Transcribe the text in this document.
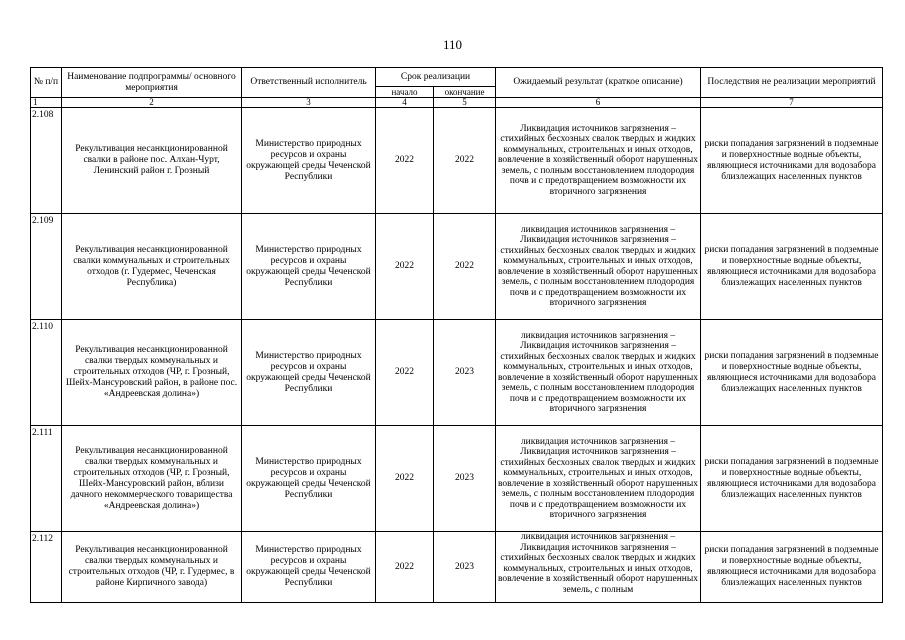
110
№ п/п	Наименование подпрограммы/ основного мероприятия	Ответственный исполнитель	Срок реализации		Ожидаемый результат (краткое описание)	Последствия не реализации мероприятий
			начало	окончание		
1	2	3	4	5	6	7
2.108	Рекультивация несанкционированной свалки в районе пос. Алхан-Чурт, Ленинский район г. Грозный	Министерство природных ресурсов и охраны окружающей среды Чеченской Республики	2022	2022	Ликвидация источников загрязнения – стихийных бесхозных свалок твердых и жидких коммунальных, строительных и иных отходов, вовлечение в хозяйственный оборот нарушенных земель, с полным восстановлением плодородия почв и с предотвращением возможности их вторичного загрязнения	риски попадания загрязнений в подземные и поверхностные водные объекты, являющиеся источниками для водозабора близлежащих населенных пунктов
2.109	Рекультивация несанкционированной свалки коммунальных и строительных отходов (г. Гудермес, Чеченская Республика)	Министерство природных ресурсов и охраны окружающей среды Чеченской Республики	2022	2022	ликвидация источников загрязнения – Ликвидация источников загрязнения – стихийных бесхозных свалок твердых и жидких коммунальных, строительных и иных отходов, вовлечение в хозяйственный оборот нарушенных земель, с полным восстановлением плодородия почв и с предотвращением возможности их вторичного загрязнения	риски попадания загрязнений в подземные и поверхностные водные объекты, являющиеся источниками для водозабора близлежащих населенных пунктов
2.110	Рекультивация несанкционированной свалки твердых коммунальных и строительных отходов (ЧР, г. Грозный, Шейх-Мансуровский район, в районе пос. «Андреевская долина»)	Министерство природных ресурсов и охраны окружающей среды Чеченской Республики	2022	2023	ликвидация источников загрязнения – Ликвидация источников загрязнения – стихийных бесхозных свалок твердых и жидких коммунальных, строительных и иных отходов, вовлечение в хозяйственный оборот нарушенных земель, с полным восстановлением плодородия почв и с предотвращением возможности их вторичного загрязнения	риски попадания загрязнений в подземные и поверхностные водные объекты, являющиеся источниками для водозабора близлежащих населенных пунктов
2.111	Рекультивация несанкционированной свалки твердых коммунальных и строительных отходов (ЧР, г. Грозный, Шейх-Мансуровский район, вблизи дачного некоммерческого товарищества «Андреевская долина»)	Министерство природных ресурсов и охраны окружающей среды Чеченской Республики	2022	2023	ликвидация источников загрязнения – Ликвидация источников загрязнения – стихийных бесхозных свалок твердых и жидких коммунальных, строительных и иных отходов, вовлечение в хозяйственный оборот нарушенных земель, с полным восстановлением плодородия почв и с предотвращением возможности их вторичного загрязнения	риски попадания загрязнений в подземные и поверхностные водные объекты, являющиеся источниками для водозабора близлежащих населенных пунктов
2.112	Рекультивация несанкционированной свалки твердых коммунальных и строительных отходов (ЧР, г. Гудермес, в районе Кирпичного завода)	Министерство природных ресурсов и охраны окружающей среды Чеченской Республики	2022	2023	ликвидация источников загрязнения – Ликвидация источников загрязнения – стихийных бесхозных свалок твердых и жидких коммунальных, строительных и иных отходов, вовлечение в хозяйственный оборот нарушенных земель, с полным	риски попадания загрязнений в подземные и поверхностные водные объекты, являющиеся источниками для водозабора близлежащих населенных пунктов
